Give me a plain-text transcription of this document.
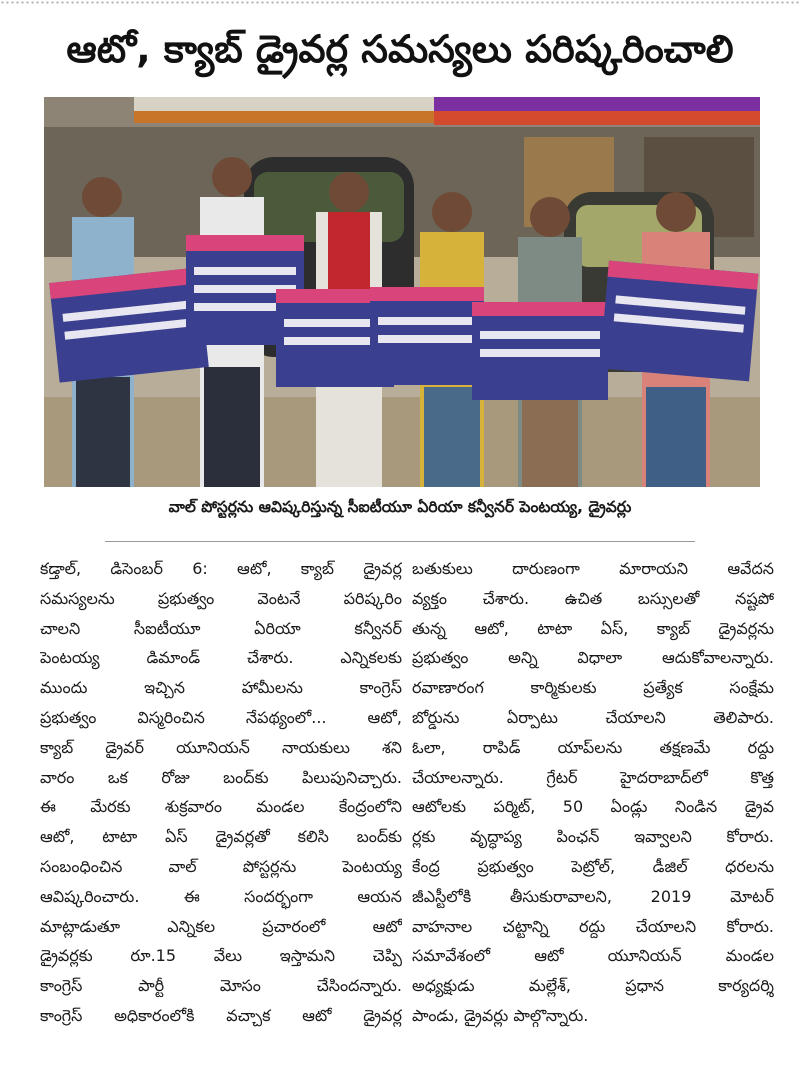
ఆటో, క్యాబ్ డ్రైవర్ల సమస్యలు పరిష్కరించాలి
వాల్ పోస్టర్లను ఆవిష్కరిస్తున్న సీఐటీయూ ఏరియా కన్వీనర్ పెంటయ్య, డ్రైవర్లు
కడ్తాల్, డిసెంబర్ 6: ఆటో, క్యాబ్ డ్రైవర్ల
సమస్యలను ప్రభుత్వం వెంటనే పరిష్కరిం
చాలని సీఐటీయూ ఏరియా కన్వీనర్
పెంటయ్య డిమాండ్ చేశారు. ఎన్నికలకు
ముందు ఇచ్చిన హామీలను కాంగ్రెస్
ప్రభుత్వం విస్మరించిన నేపథ్యంలో... ఆటో,
క్యాబ్ డ్రైవర్ యూనియన్ నాయకులు శని
వారం ఒక రోజు బంద్‌కు పిలుపునిచ్చారు.
ఈ మేరకు శుక్రవారం మండల కేంద్రంలోని
ఆటో, టాటా ఏస్ డ్రైవర్లతో కలిసి బంద్‌కు
సంబంధించిన వాల్ పోస్టర్లను పెంటయ్య
ఆవిష్కరించారు. ఈ సందర్భంగా ఆయన
మాట్లాడుతూ ఎన్నికల ప్రచారంలో ఆటో
డ్రైవర్లకు రూ.15 వేలు ఇస్తామని చెప్పి
కాంగ్రెస్ పార్టీ మోసం చేసిందన్నారు.
కాంగ్రెస్ అధికారంలోకి వచ్చాక ఆటో డ్రైవర్ల
బతుకులు దారుణంగా మారాయని ఆవేదన
వ్యక్తం చేశారు. ఉచిత బస్సులతో నష్టపో
తున్న ఆటో, టాటా ఏస్, క్యాబ్ డ్రైవర్లను
ప్రభుత్వం అన్ని విధాలా ఆదుకోవాలన్నారు.
రవాణారంగ కార్మికులకు ప్రత్యేక సంక్షేమ
బోర్డును ఏర్పాటు చేయాలని తెలిపారు.
ఓలా, రాపిడ్ యాప్‌లను తక్షణమే రద్దు
చేయాలన్నారు. గ్రేటర్ హైదరాబాద్‌లో కొత్త
ఆటోలకు పర్మిట్, 50 ఏండ్లు నిండిన డ్రైవ
ర్లకు వృద్ధాప్య పింఛన్ ఇవ్వాలని కోరారు.
కేంద్ర ప్రభుత్వం పెట్రోల్, డీజిల్ ధరలను
జీఎస్టీలోకి తీసుకురావాలని, 2019 మోటర్
వాహనాల చట్టాన్ని రద్దు చేయాలని కోరారు.
సమావేశంలో ఆటో యూనియన్ మండల
అధ్యక్షుడు మల్లేశ్, ప్రధాన కార్యదర్శి
పాండు, డ్రైవర్లు పాల్గొన్నారు.
